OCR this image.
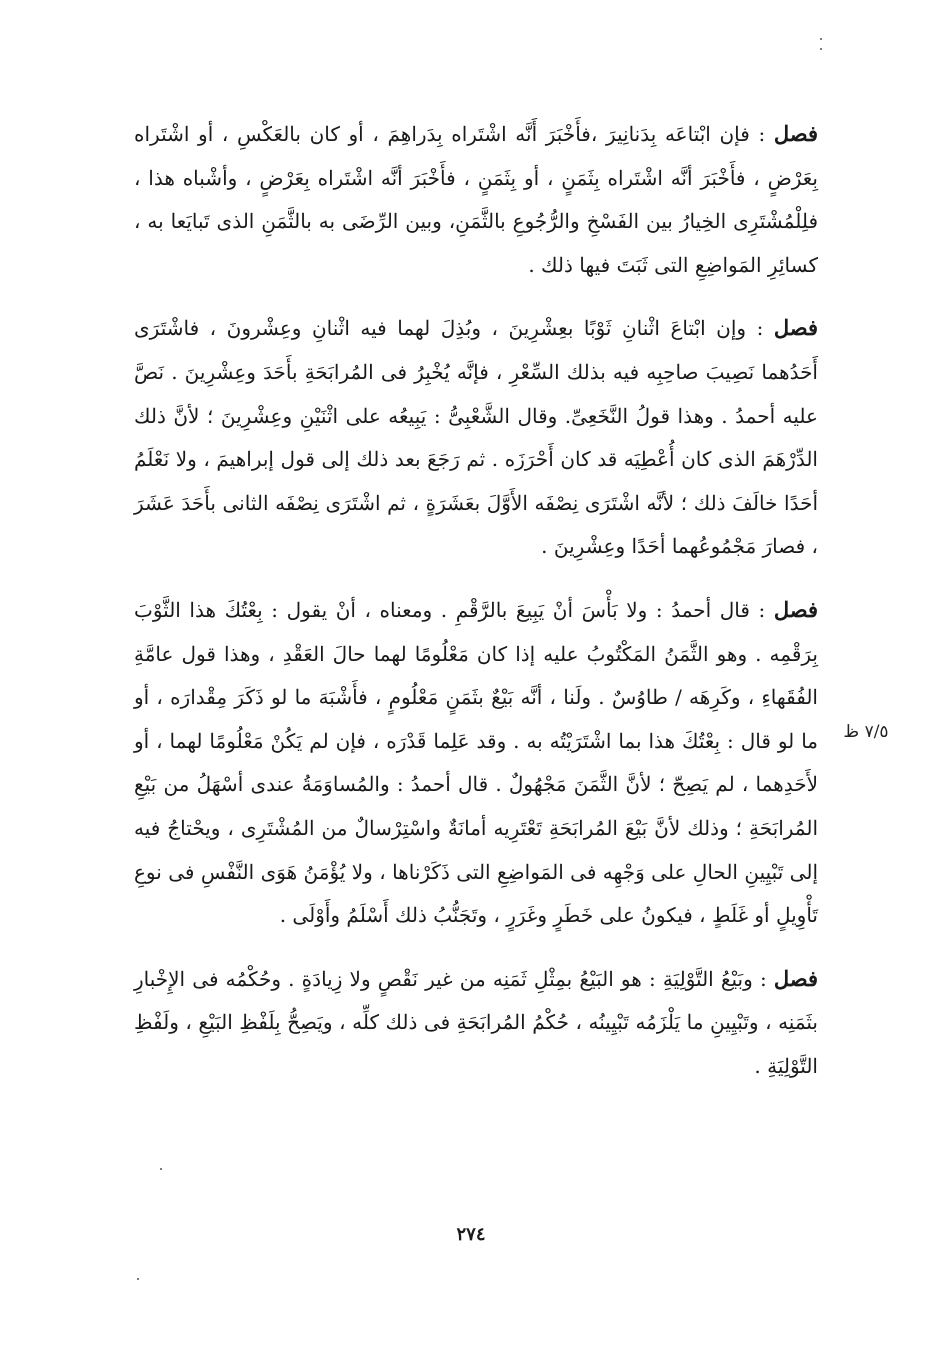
فصل : فإن ابْتاعَه بِدَنانِيرَ ،فأَخْبَرَ أَنَّه اشْتَراه بِدَراهِمَ ، أو كان بالعَكْسِ ، أو اشْتَراه بِعَرْضٍ ، فأَخْبَرَ أنَّه اشْتَراه بِثَمَنٍ ، أو بِثَمَنٍ ، فأَخْبَرَ أنَّه اشْتَراه بِعَرْضٍ ، وأشْباه هذا ، فلِلْمُشْتَرِى الخِيارُ بين الفَسْخِ والرُّجُوعِ بالثَّمَنِ، وبين الرِّضَى به بالثَّمَنِ الذى تَبايَعا به ، كسائِرِ المَواضِعِ التى ثَبَتَ فيها ذلك .

فصل : وإن ابْتاعَ اثْنانِ ثَوْبًا بعِشْرِينَ ، وبُذِلَ لهما فيه اثْنانِ وعِشْرونَ ، فاشْتَرَى أَحَدُهما نَصِيبَ صاحِبِه فيه بذلك السِّعْرِ ، فإنَّه يُخْبِرُ فى المُرابَحَةِ بأَحَدَ وعِشْرِينَ . نَصَّ عليه أحمدُ . وهذا قولُ النَّخَعِىِّ. وقال الشَّعْبِىُّ : يَبِيعُه على اثْنَيْنِ وعِشْرِينَ ؛ لأنَّ ذلك الدِّرْهَمَ الذى كان أُعْطِيَه قد كان أَحْرَزَه . ثم رَجَعَ بعد ذلك إلى قول إبراهيمَ ، ولا نَعْلَمُ أحَدًا خالَفَ ذلك ؛ لأنَّه اشْتَرَى نِصْفَه الأَوَّلَ بعَشَرَةٍ ، ثم اشْتَرَى نِصْفَه الثانى بأَحَدَ عَشَرَ ، فصارَ مَجْمُوعُهما أحَدًا وعِشْرِينَ .

فصل : قال أحمدُ : ولا بَأْسَ أنْ يَبِيعَ بالرَّقْمِ . ومعناه ، أنْ يقول : بِعْتُكَ هذا الثَّوْبَ بِرَقْمِه . وهو الثَّمَنُ المَكْتُوبُ عليه إذا كان مَعْلُومًا لهما حالَ العَقْدِ ، وهذا قول عامَّةِ الفُقَهاءِ ، وكَرِهَه / طاوُسٌ . ولَنا ، أنَّه بَيْعٌ بثَمَنٍ مَعْلُومٍ ، فأَشْبَهَ ما لو ذَكَرَ مِقْدارَه ، أو ما لو قال : بِعْتُكَ هذا بما اشْتَرَيْتُه به . وقد عَلِما قَدْرَه ، فإن لم يَكُنْ مَعْلُومًا لهما ، أو لأَحَدِهما ، لم يَصِحّ ؛ لأنَّ الثَّمَنَ مَجْهُولٌ . قال أحمدُ : والمُساوَمَةُ عندى أسْهَلُ من بَيْعِ المُرابَحَةِ ؛ وذلك لأنَّ بَيْعَ المُرابَحَةِ تَعْتَرِيه أمانَةٌ واسْتِرْسالٌ من المُشْتَرِى ، ويحْتاجُ فيه إلى تَبْيِينِ الحالِ على وَجْهِه فى المَواضِعِ التى ذَكَرْناها ، ولا يُؤْمَنُ هَوَى النَّفْسِ فى نوعِ تَأْوِيلٍ أو غَلَطٍ ، فيكونُ على خَطَرٍ وغَرَرٍ ، وتَجَنُّبُ ذلك أَسْلَمُ وأَوْلَى .

فصل : وبَيْعُ التَّوْلِيَةِ : هو البَيْعُ بمِثْلِ ثَمَنِه من غير نَقْصٍ ولا زِيادَةٍ . وحُكْمُه فى الإِخْبارِ بثَمَنِه ، وتَبْيِينِ ما يَلْزَمُه تَبْيِينُه ، حُكْمُ المُرابَحَةِ فى ذلك كلِّه ، ويَصِحُّ بِلَفْظِ البَيْعِ ، ولَفْظِ التَّوْلِيَةِ .

٧/٥ ظ
٢٧٤
